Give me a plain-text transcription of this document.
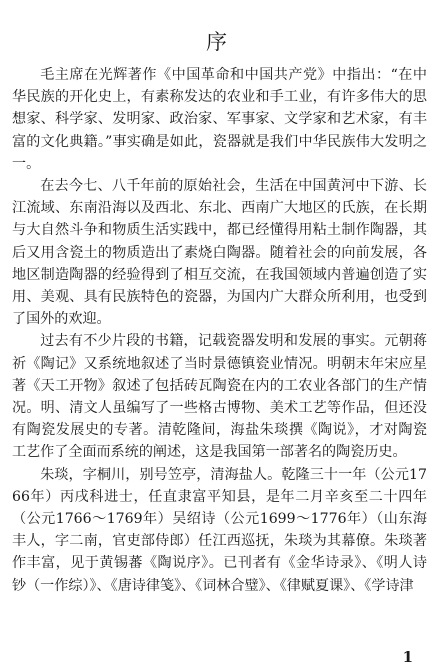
序

毛主席在光辉著作《中国革命和中国共产党》中指出：“在中华民族的开化史上，有素称发达的农业和手工业，有许多伟大的思想家、科学家、发明家、政治家、军事家、文学家和艺术家，有丰富的文化典籍。”事实确是如此，瓷器就是我们中华民族伟大发明之一。

在去今七、八千年前的原始社会，生活在中国黄河中下游、长江流域、东南沿海以及西北、东北、西南广大地区的氏族，在长期与大自然斗争和物质生活实践中，都已经懂得用粘土制作陶器，其后又用含瓷土的物质造出了素烧白陶器。随着社会的向前发展，各地区制造陶器的经验得到了相互交流，在我国领域内普遍创造了实用、美观、具有民族特色的瓷器，为国内广大群众所利用，也受到了国外的欢迎。

过去有不少片段的书籍，记载瓷器发明和发展的事实。元朝蒋祈《陶记》又系统地叙述了当时景德镇瓷业情况。明朝末年宋应星著《天工开物》叙述了包括砖瓦陶瓷在内的工农业各部门的生产情况。明、清文人虽编写了一些格古博物、美术工艺等作品，但还没有陶瓷发展史的专著。清乾隆间，海盐朱琰撰《陶说》，才对陶瓷工艺作了全面而系统的阐述，这是我国第一部著名的陶瓷历史。

朱琰，字桐川，别号笠亭，清海盐人。乾隆三十一年（公元1766年）丙戌科进士，任直隶富平知县，是年二月辛亥至二十四年（公元1766～1769年）吴绍诗（公元1699～1776年）（山东海丰人，字二南，官吏部侍郎）任江西巡抚，朱琰为其幕僚。朱琰著作丰富，见于黄锡蕃《陶说序》。已刊者有《金华诗录》、《明人诗钞（一作综）》、《唐诗律笺》、《词林合璧》、《律赋夏课》、《学诗津

1
